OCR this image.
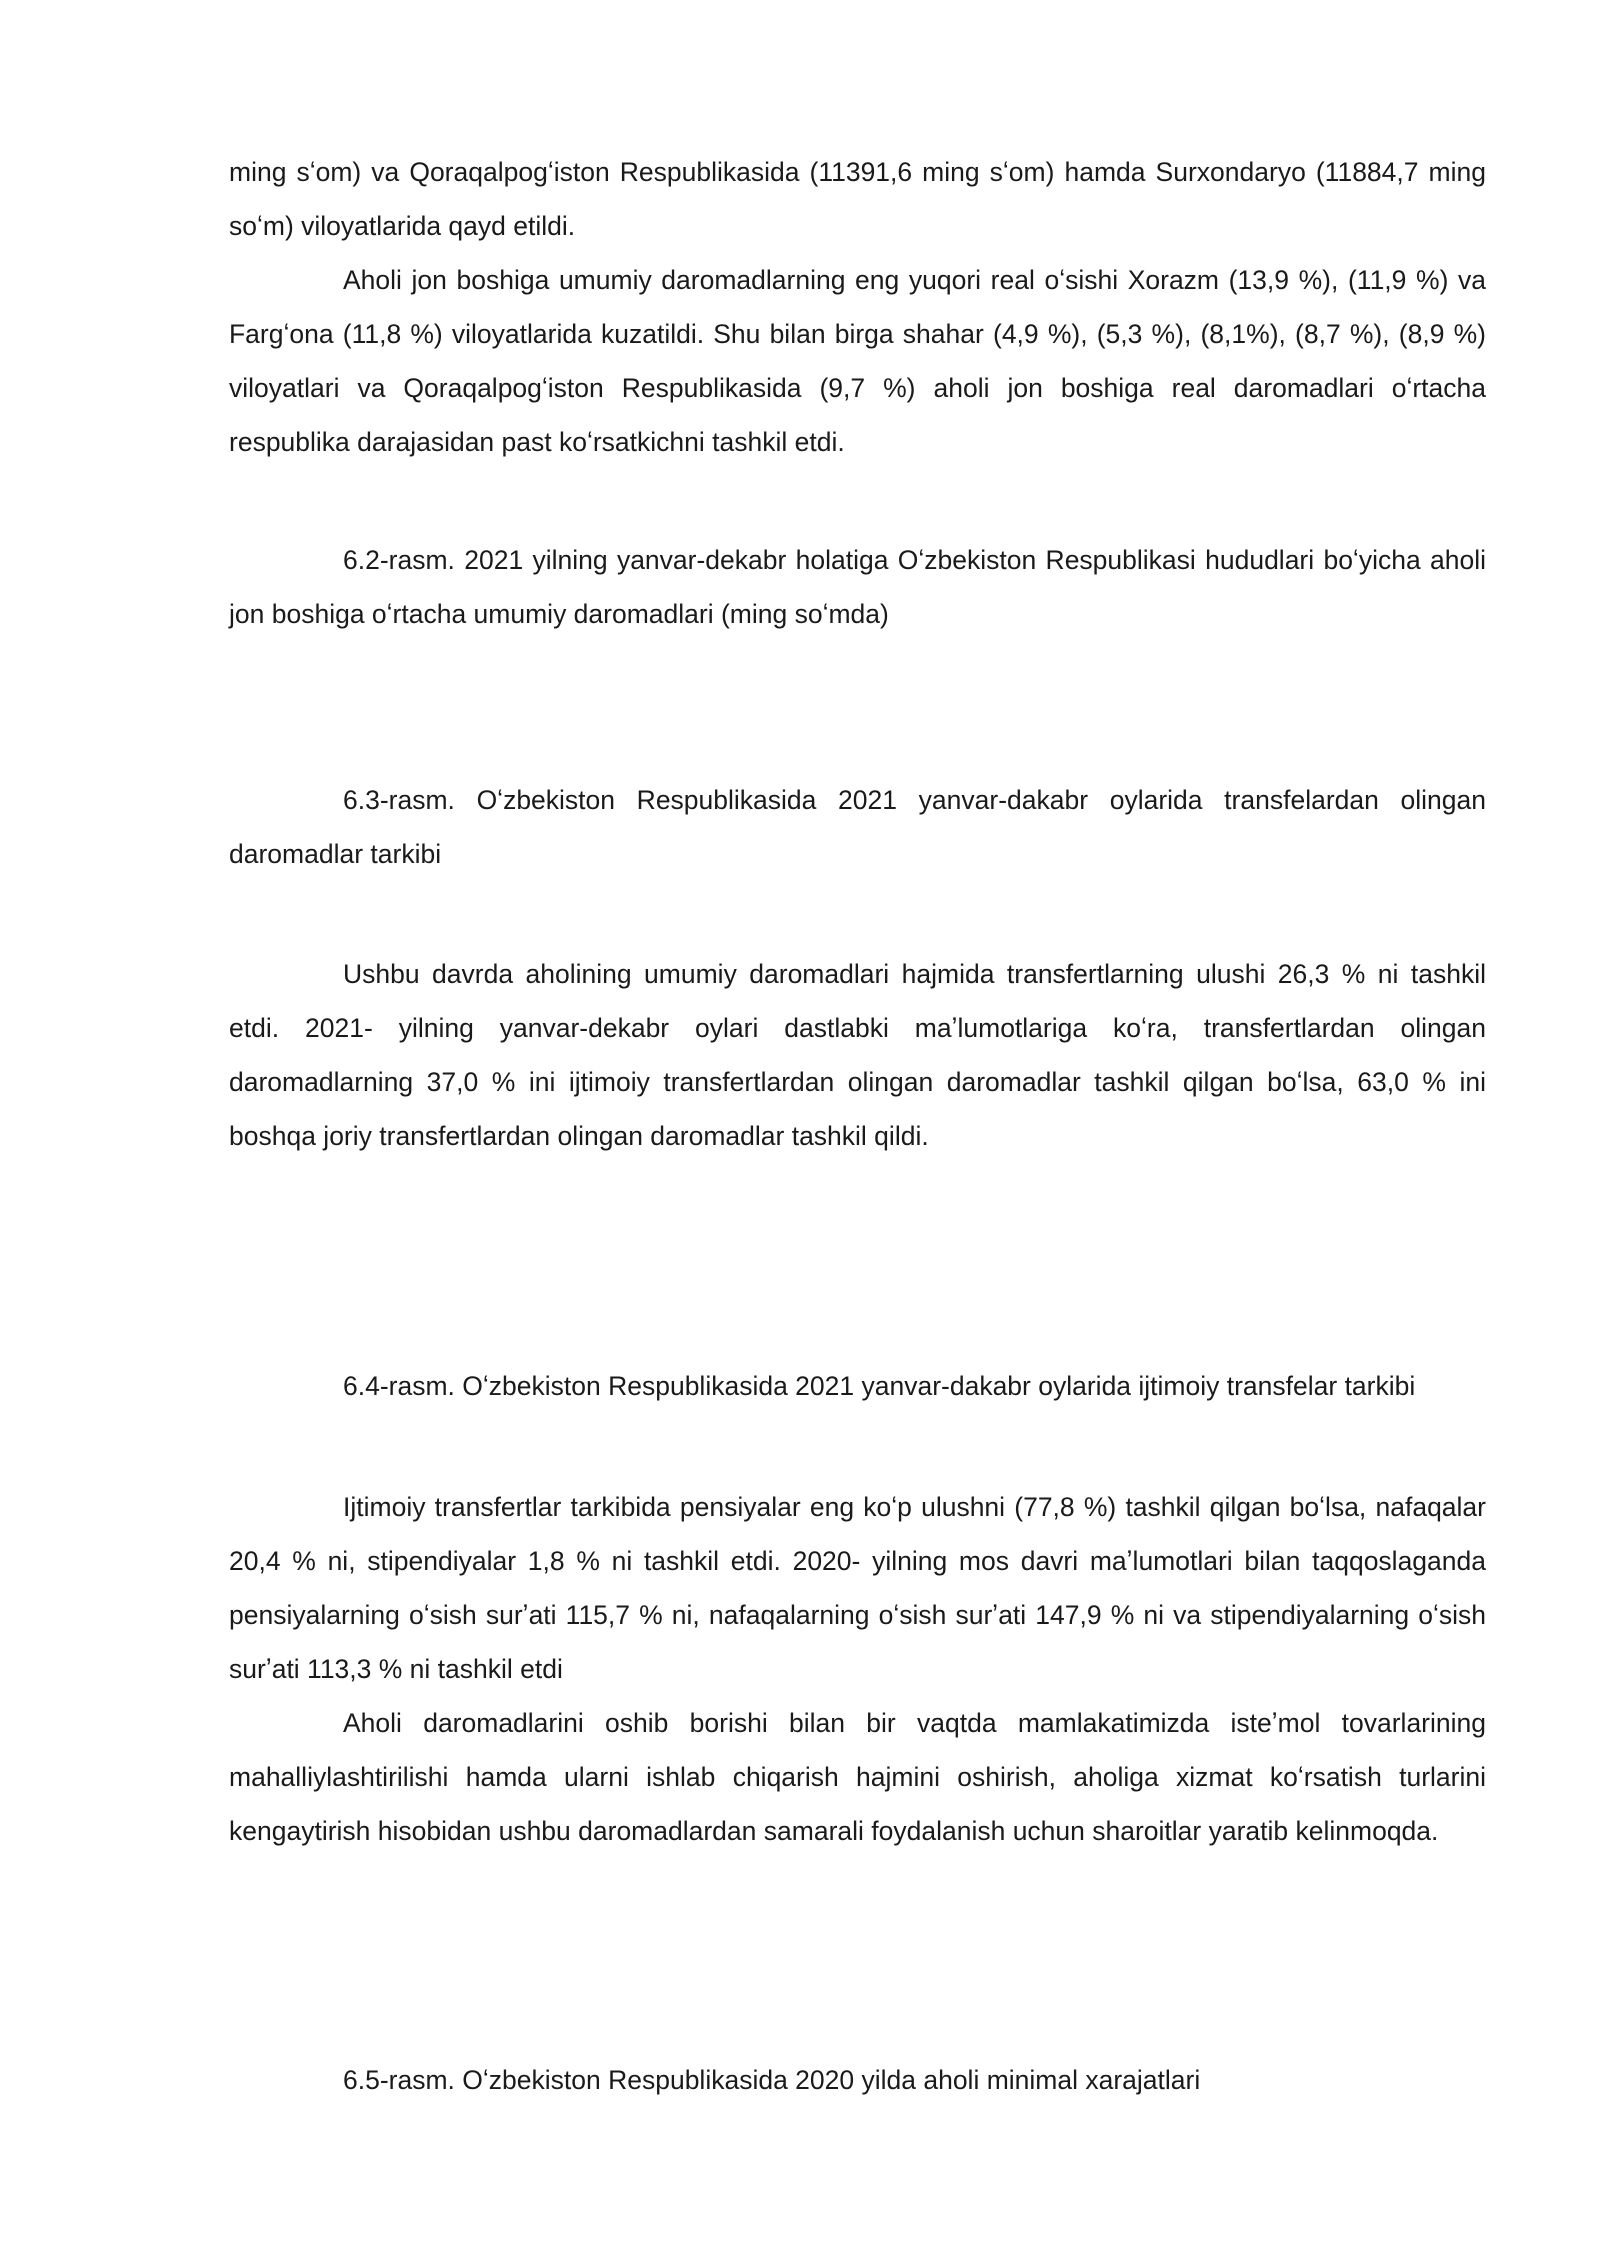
ming sʻom) va Qoraqalpogʻiston Respublikasida (11391,6 ming sʻom) hamda Surxondaryo (11884,7 ming soʻm) viloyatlarida qayd etildi.

Aholi jon boshiga umumiy daromadlarning eng yuqori real oʻsishi Xorazm (13,9 %), (11,9 %) va Fargʻona (11,8 %) viloyatlarida kuzatildi. Shu bilan birga shahar (4,9 %), (5,3 %), (8,1%), (8,7 %), (8,9 %) viloyatlari va Qoraqalpogʻiston Respublikasida (9,7 %) aholi jon boshiga real daromadlari oʻrtacha respublika darajasidan past koʻrsatkichni tashkil etdi.

6.2-rasm. 2021 yilning yanvar-dekabr holatiga Oʻzbekiston Respublikasi hududlari boʻyicha aholi jon boshiga oʻrtacha umumiy daromadlari (ming soʻmda)

6.3-rasm. Oʻzbekiston Respublikasida 2021 yanvar-dakabr oylarida transfelardan olingan daromadlar tarkibi

Ushbu davrda aholining umumiy daromadlari hajmida transfertlarning ulushi 26,3 % ni tashkil etdi. 2021- yilning yanvar-dekabr oylari dastlabki maʼlumotlariga koʻra, transfertlardan olingan daromadlarning 37,0 % ini ijtimoiy transfertlardan olingan daromadlar tashkil qilgan boʻlsa, 63,0 % ini boshqa joriy transfertlardan olingan daromadlar tashkil qildi.

6.4-rasm. Oʻzbekiston Respublikasida 2021 yanvar-dakabr oylarida ijtimoiy transfelar tarkibi

Ijtimoiy transfertlar tarkibida pensiyalar eng koʻp ulushni (77,8 %) tashkil qilgan boʻlsa, nafaqalar 20,4 % ni, stipendiyalar 1,8 % ni tashkil etdi. 2020- yilning mos davri maʼlumotlari bilan taqqoslaganda pensiyalarning oʻsish surʼati 115,7 % ni, nafaqalarning oʻsish surʼati 147,9 % ni va stipendiyalarning oʻsish surʼati 113,3 % ni tashkil etdi

Aholi daromadlarini oshib borishi bilan bir vaqtda mamlakatimizda isteʼmol tovarlarining mahalliylashtirilishi hamda ularni ishlab chiqarish hajmini oshirish, aholiga xizmat koʻrsatish turlarini kengaytirish hisobidan ushbu daromadlardan samarali foydalanish uchun sharoitlar yaratib kelinmoqda.

6.5-rasm. Oʻzbekiston Respublikasida 2020 yilda aholi minimal xarajatlari
